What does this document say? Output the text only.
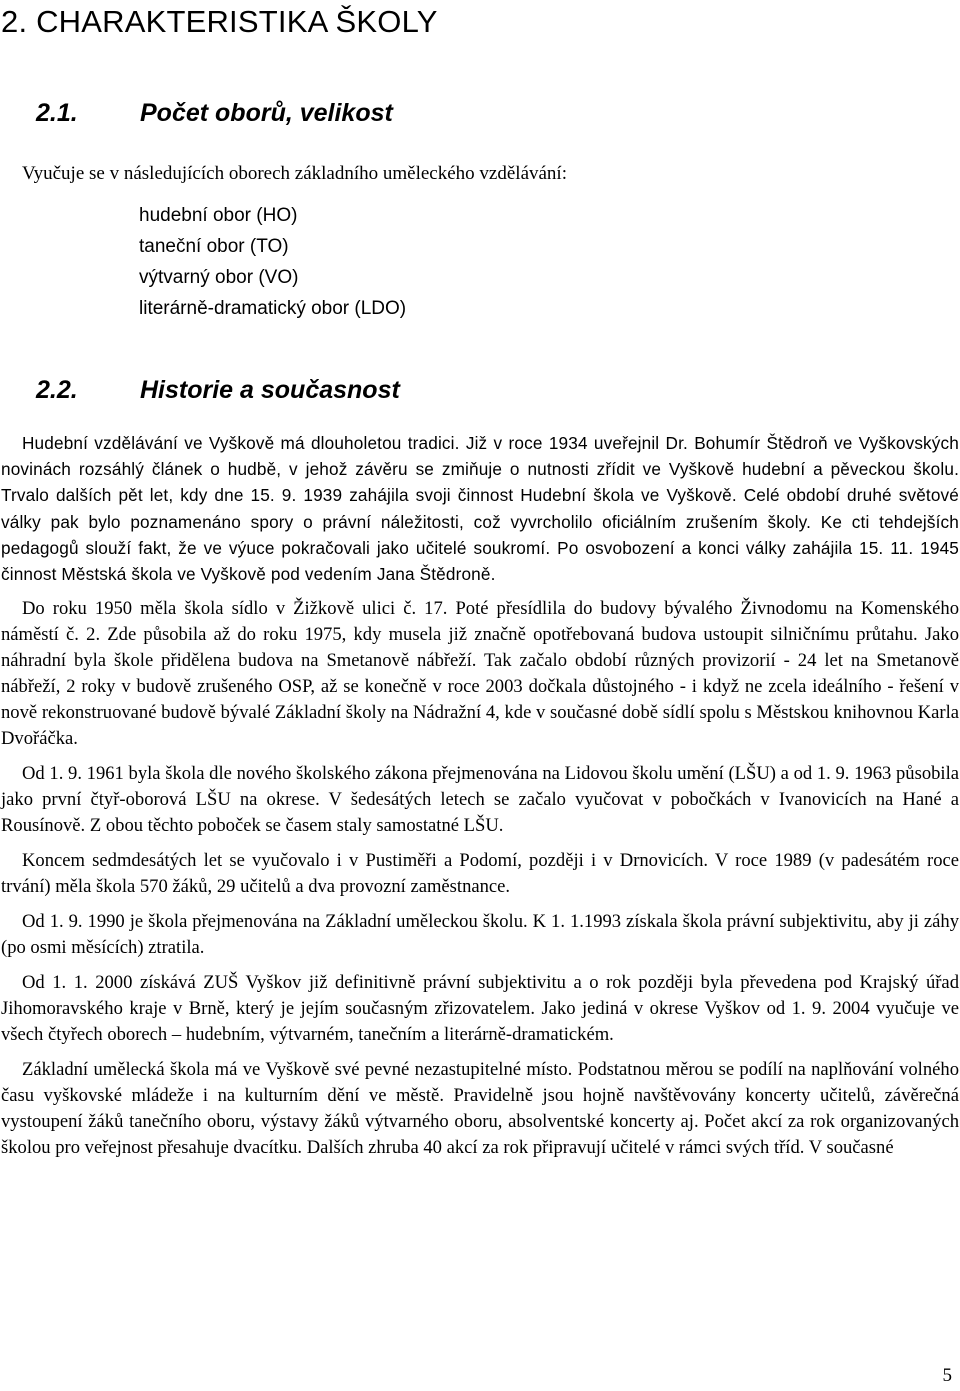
2. CHARAKTERISTIKA ŠKOLY
2.1. Počet oborů, velikost

Vyučuje se v následujících oborech základního uměleckého vzdělávání:

hudební obor (HO)
taneční obor (TO)
výtvarný obor (VO)
literárně-dramatický obor (LDO)
2.2. Historie a současnost

Hudební vzdělávání ve Vyškově má dlouholetou tradici. Již v roce 1934 uveřejnil Dr. Bohumír Štědroň ve Vyškovských novinách rozsáhlý článek o hudbě, v jehož závěru se zmiňuje o nutnosti zřídit ve Vyškově hudební a pěveckou školu. Trvalo dalších pět let, kdy dne 15. 9. 1939 zahájila svoji činnost Hudební škola ve Vyškově. Celé období druhé světové války pak bylo poznamenáno spory o právní náležitosti, což vyvrcholilo oficiálním zrušením školy. Ke cti tehdejších pedagogů slouží fakt, že ve výuce pokračovali jako učitelé soukromí. Po osvobození a konci války zahájila 15. 11. 1945 činnost Městská škola ve Vyškově pod vedením Jana Štědroně.

Do roku 1950 měla škola sídlo v Žižkově ulici č. 17. Poté přesídlila do budovy bývalého Živnodomu na Komenského náměstí č. 2. Zde působila až do roku 1975, kdy musela již značně opotřebovaná budova ustoupit silničnímu průtahu. Jako náhradní byla škole přidělena budova na Smetanově nábřeží. Tak začalo období různých provizorií - 24 let na Smetanově nábřeží, 2 roky v budově zrušeného OSP, až se konečně v roce 2003 dočkala důstojného - i když ne zcela ideálního - řešení v nově rekonstruované budově bývalé Základní školy na Nádražní 4, kde v současné době sídlí spolu s Městskou knihovnou Karla Dvořáčka.

Od 1. 9. 1961 byla škola dle nového školského zákona přejmenována na Lidovou školu umění (LŠU) a od 1. 9. 1963 působila jako první čtyř-oborová LŠU na okrese. V šedesátých letech se začalo vyučovat v pobočkách v Ivanovicích na Hané a Rousínově. Z obou těchto poboček se časem staly samostatné LŠU.

Koncem sedmdesátých let se vyučovalo i v Pustiměři a Podomí, později i v Drnovicích. V roce 1989 (v padesátém roce trvání) měla škola 570 žáků, 29 učitelů a dva provozní zaměstnance.

Od 1. 9. 1990 je škola přejmenována na Základní uměleckou školu. K 1. 1.1993 získala škola právní subjektivitu, aby ji záhy (po osmi měsících) ztratila.

Od 1. 1. 2000 získává ZUŠ Vyškov již definitivně právní subjektivitu a o rok později byla převedena pod Krajský úřad Jihomoravského kraje v Brně, který je jejím současným zřizovatelem. Jako jediná v okrese Vyškov od 1. 9. 2004 vyučuje ve všech čtyřech oborech – hudebním, výtvarném, tanečním a literárně-dramatickém.

Základní umělecká škola má ve Vyškově své pevné nezastupitelné místo. Podstatnou měrou se podílí na naplňování volného času vyškovské mládeže i na kulturním dění ve městě. Pravidelně jsou hojně navštěvovány koncerty učitelů, závěrečná vystoupení žáků tanečního oboru, výstavy žáků výtvarného oboru, absolventské koncerty aj. Počet akcí za rok organizovaných školou pro veřejnost přesahuje dvacítku. Dalších zhruba 40 akcí za rok připravují učitelé v rámci svých tříd. V současné

5
